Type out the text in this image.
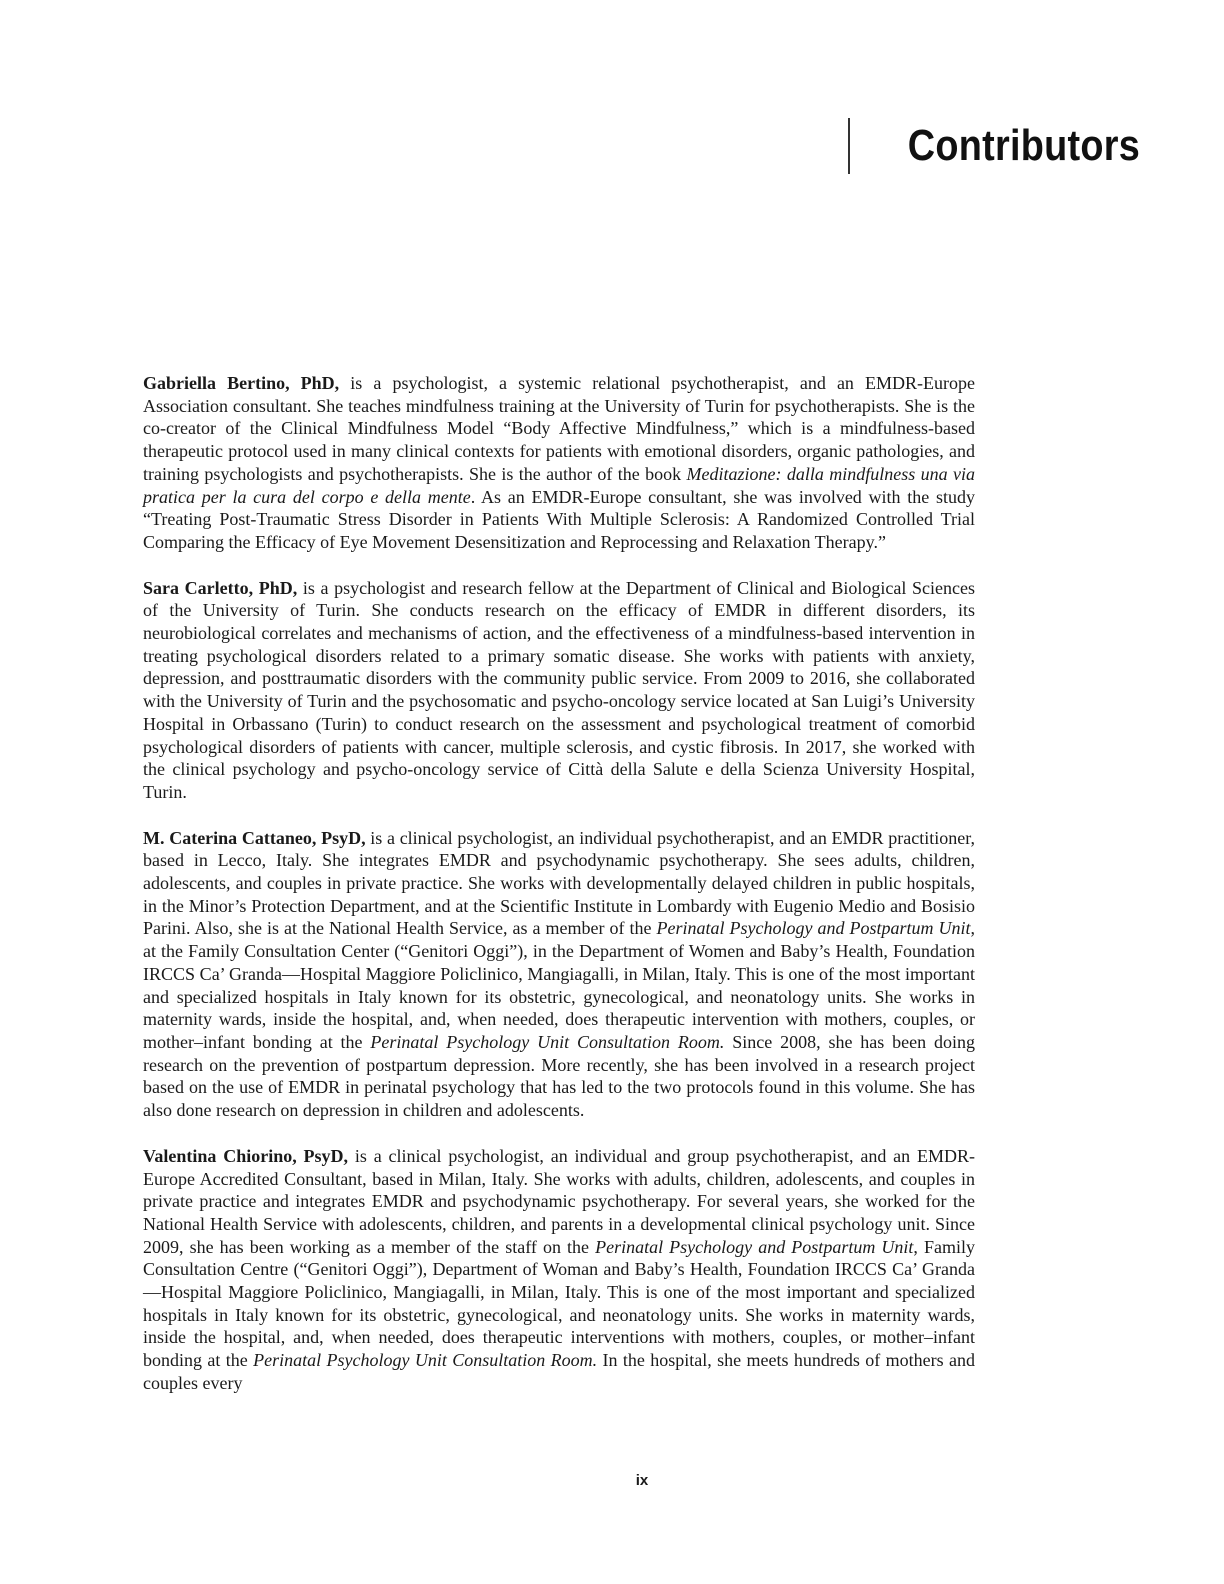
Contributors

Gabriella Bertino, PhD, is a psychologist, a systemic relational psychotherapist, and an EMDR-Europe Association consultant. She teaches mindfulness training at the University of Turin for psychotherapists. She is the co-creator of the Clinical Mindfulness Model “Body Affective Mindfulness,” which is a mindfulness-based therapeutic protocol used in many clinical contexts for patients with emotional disorders, organic pathologies, and training psychologists and psychotherapists. She is the author of the book Meditazione: dalla mindfulness una via pratica per la cura del corpo e della mente. As an EMDR-Europe consultant, she was involved with the study “Treating Post-Traumatic Stress Disorder in Patients With Multiple Sclerosis: A Randomized Controlled Trial Comparing the Efficacy of Eye Movement Desensitization and Reprocessing and Relaxation Therapy.”

Sara Carletto, PhD, is a psychologist and research fellow at the Department of Clinical and Biological Sciences of the University of Turin. She conducts research on the efficacy of EMDR in different disorders, its neurobiological correlates and mechanisms of action, and the effectiveness of a mindfulness-based intervention in treating psychological disorders related to a primary somatic disease. She works with patients with anxiety, depression, and posttraumatic disorders with the community public service. From 2009 to 2016, she collaborated with the University of Turin and the psychosomatic and psycho-oncology service located at San Luigi’s University Hospital in Orbassano (Turin) to conduct research on the assessment and psychological treatment of comorbid psychological disorders of patients with cancer, multiple sclerosis, and cystic fibrosis. In 2017, she worked with the clinical psychology and psycho-oncology service of Città della Salute e della Scienza University Hospital, Turin.

M. Caterina Cattaneo, PsyD, is a clinical psychologist, an individual psychotherapist, and an EMDR practitioner, based in Lecco, Italy. She integrates EMDR and psychodynamic psychotherapy. She sees adults, children, adolescents, and couples in private practice. She works with developmentally delayed children in public hospitals, in the Minor’s Protection Department, and at the Scientific Institute in Lombardy with Eugenio Medio and Bosisio Parini. Also, she is at the National Health Service, as a member of the Perinatal Psychology and Postpartum Unit, at the Family Consultation Center (“Genitori Oggi”), in the Department of Women and Baby’s Health, Foundation IRCCS Ca’ Granda—Hospital Maggiore Policlinico, Mangiagalli, in Milan, Italy. This is one of the most important and specialized hospitals in Italy known for its obstetric, gynecological, and neonatology units. She works in maternity wards, inside the hospital, and, when needed, does therapeutic intervention with mothers, couples, or mother–infant bonding at the Perinatal Psychology Unit Consultation Room. Since 2008, she has been doing research on the prevention of postpartum depression. More recently, she has been involved in a research project based on the use of EMDR in perinatal psychology that has led to the two protocols found in this volume. She has also done research on depression in children and adolescents.

Valentina Chiorino, PsyD, is a clinical psychologist, an individual and group psychotherapist, and an EMDR-Europe Accredited Consultant, based in Milan, Italy. She works with adults, children, adolescents, and couples in private practice and integrates EMDR and psychodynamic psychotherapy. For several years, she worked for the National Health Service with adolescents, children, and parents in a developmental clinical psychology unit. Since 2009, she has been working as a member of the staff on the Perinatal Psychology and Postpartum Unit, Family Consultation Centre (“Genitori Oggi”), Department of Woman and Baby’s Health, Foundation IRCCS Ca’ Granda—Hospital Maggiore Policlinico, Mangiagalli, in Milan, Italy. This is one of the most important and specialized hospitals in Italy known for its obstetric, gynecological, and neonatology units. She works in maternity wards, inside the hospital, and, when needed, does therapeutic interventions with mothers, couples, or mother–infant bonding at the Perinatal Psychology Unit Consultation Room. In the hospital, she meets hundreds of mothers and couples every

ix
